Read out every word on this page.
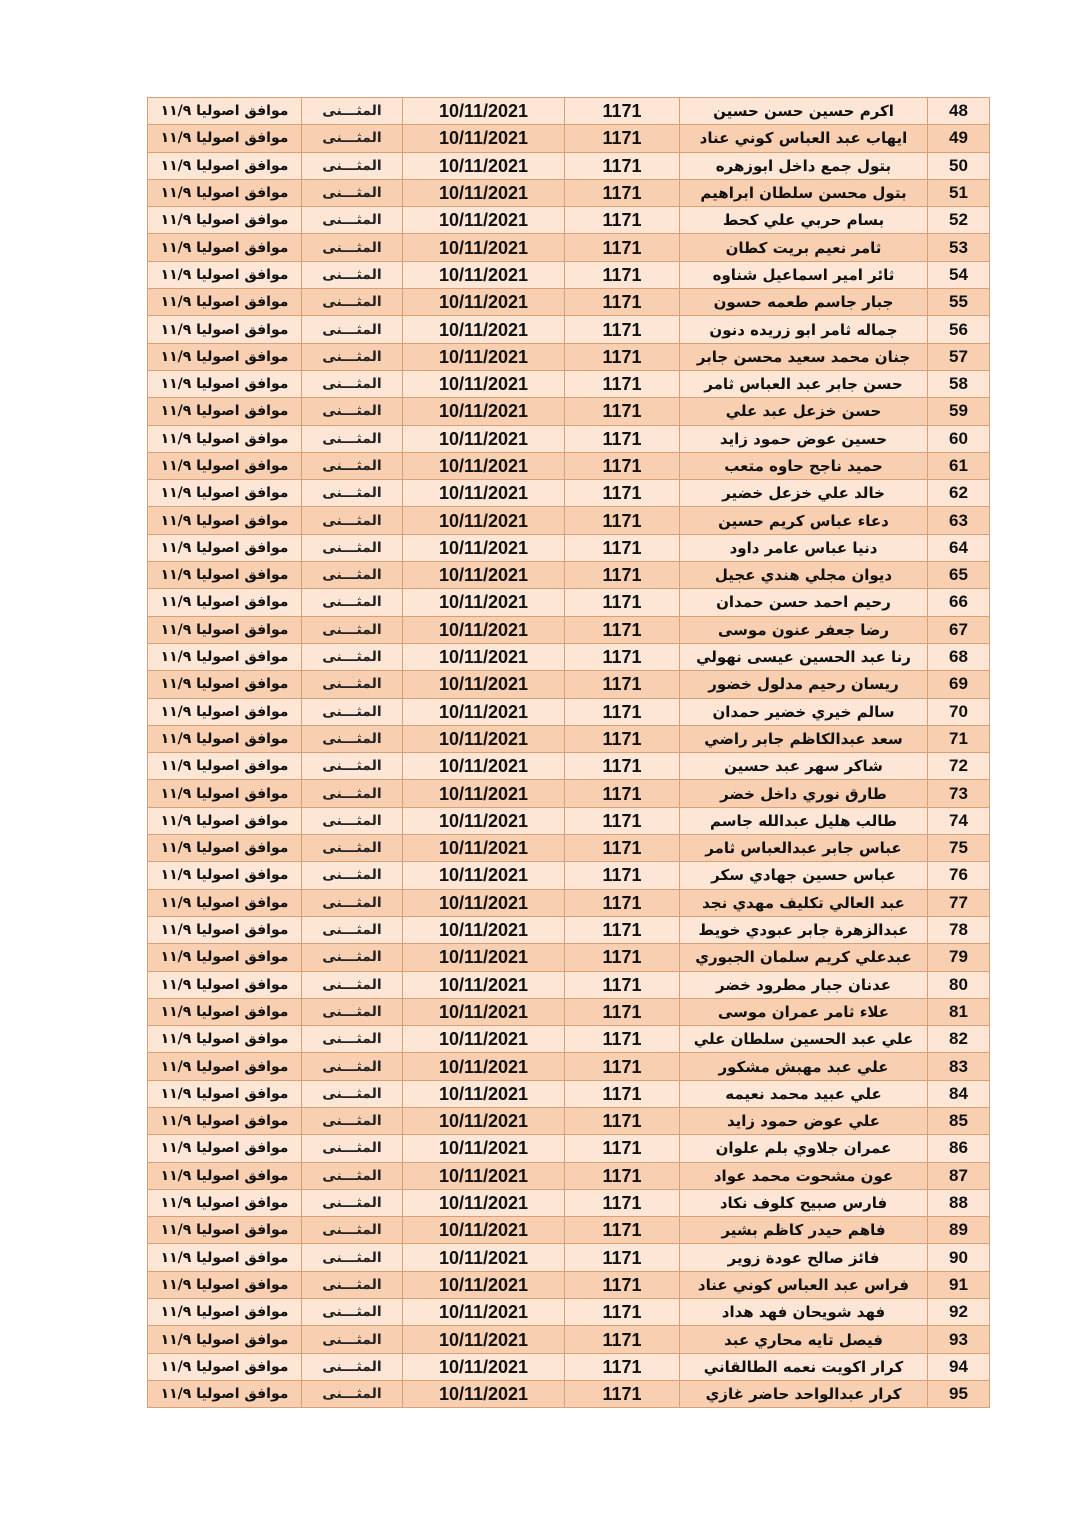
48	اكرم حسين حسن حسين	1171	10/11/2021	المثـــنى	موافق اصوليا ١١/٩
49	ايهاب عبد العباس كوني عناد	1171	10/11/2021	المثـــنى	موافق اصوليا ١١/٩
50	بتول جمع داخل ابوزهره	1171	10/11/2021	المثـــنى	موافق اصوليا ١١/٩
51	بتول محسن سلطان ابراهيم	1171	10/11/2021	المثـــنى	موافق اصوليا ١١/٩
52	بسام حربي علي كحط	1171	10/11/2021	المثـــنى	موافق اصوليا ١١/٩
53	ثامر نعيم بريت كطان	1171	10/11/2021	المثـــنى	موافق اصوليا ١١/٩
54	ثائر امير اسماعيل شناوه	1171	10/11/2021	المثـــنى	موافق اصوليا ١١/٩
55	جبار جاسم طعمه حسون	1171	10/11/2021	المثـــنى	موافق اصوليا ١١/٩
56	جماله ثامر ابو زريده دنون	1171	10/11/2021	المثـــنى	موافق اصوليا ١١/٩
57	جنان محمد سعيد محسن جابر	1171	10/11/2021	المثـــنى	موافق اصوليا ١١/٩
58	حسن جابر عبد العباس ثامر	1171	10/11/2021	المثـــنى	موافق اصوليا ١١/٩
59	حسن خزعل عبد علي	1171	10/11/2021	المثـــنى	موافق اصوليا ١١/٩
60	حسين عوض حمود زايد	1171	10/11/2021	المثـــنى	موافق اصوليا ١١/٩
61	حميد ناجح حاوه متعب	1171	10/11/2021	المثـــنى	موافق اصوليا ١١/٩
62	خالد علي خزعل خضير	1171	10/11/2021	المثـــنى	موافق اصوليا ١١/٩
63	دعاء عباس كريم حسين	1171	10/11/2021	المثـــنى	موافق اصوليا ١١/٩
64	دنيا عباس عامر داود	1171	10/11/2021	المثـــنى	موافق اصوليا ١١/٩
65	ديوان مجلي هندي عجيل	1171	10/11/2021	المثـــنى	موافق اصوليا ١١/٩
66	رحيم احمد حسن حمدان	1171	10/11/2021	المثـــنى	موافق اصوليا ١١/٩
67	رضا جعفر عنون موسى	1171	10/11/2021	المثـــنى	موافق اصوليا ١١/٩
68	رنا عبد الحسين عيسى نهولي	1171	10/11/2021	المثـــنى	موافق اصوليا ١١/٩
69	ريسان رحيم مدلول خضور	1171	10/11/2021	المثـــنى	موافق اصوليا ١١/٩
70	سالم خيري خضير حمدان	1171	10/11/2021	المثـــنى	موافق اصوليا ١١/٩
71	سعد عبدالكاظم جابر راضي	1171	10/11/2021	المثـــنى	موافق اصوليا ١١/٩
72	شاكر سهر عبد حسين	1171	10/11/2021	المثـــنى	موافق اصوليا ١١/٩
73	طارق نوري داخل خضر	1171	10/11/2021	المثـــنى	موافق اصوليا ١١/٩
74	طالب هليل عبدالله جاسم	1171	10/11/2021	المثـــنى	موافق اصوليا ١١/٩
75	عباس جابر عبدالعباس ثامر	1171	10/11/2021	المثـــنى	موافق اصوليا ١١/٩
76	عباس حسين جهادي سكر	1171	10/11/2021	المثـــنى	موافق اصوليا ١١/٩
77	عبد العالي تكليف مهدي نجد	1171	10/11/2021	المثـــنى	موافق اصوليا ١١/٩
78	عبدالزهرة جابر عبودي خويط	1171	10/11/2021	المثـــنى	موافق اصوليا ١١/٩
79	عبدعلي كريم سلمان الجبوري	1171	10/11/2021	المثـــنى	موافق اصوليا ١١/٩
80	عدنان جبار مطرود خضر	1171	10/11/2021	المثـــنى	موافق اصوليا ١١/٩
81	علاء ثامر عمران موسى	1171	10/11/2021	المثـــنى	موافق اصوليا ١١/٩
82	علي عبد الحسين سلطان علي	1171	10/11/2021	المثـــنى	موافق اصوليا ١١/٩
83	علي عبد مهبش مشكور	1171	10/11/2021	المثـــنى	موافق اصوليا ١١/٩
84	علي عبيد محمد نعيمه	1171	10/11/2021	المثـــنى	موافق اصوليا ١١/٩
85	علي عوض حمود زايد	1171	10/11/2021	المثـــنى	موافق اصوليا ١١/٩
86	عمران جلاوي بلم علوان	1171	10/11/2021	المثـــنى	موافق اصوليا ١١/٩
87	عون مشحوت محمد عواد	1171	10/11/2021	المثـــنى	موافق اصوليا ١١/٩
88	فارس صبيح كلوف نكاد	1171	10/11/2021	المثـــنى	موافق اصوليا ١١/٩
89	فاهم حيدر كاظم بشير	1171	10/11/2021	المثـــنى	موافق اصوليا ١١/٩
90	فائز صالح عودة زوير	1171	10/11/2021	المثـــنى	موافق اصوليا ١١/٩
91	فراس عبد العباس كوني عناد	1171	10/11/2021	المثـــنى	موافق اصوليا ١١/٩
92	فهد شويحان فهد هداد	1171	10/11/2021	المثـــنى	موافق اصوليا ١١/٩
93	فيصل تايه محاري عبد	1171	10/11/2021	المثـــنى	موافق اصوليا ١١/٩
94	كرار اكويت نعمه الطالقاني	1171	10/11/2021	المثـــنى	موافق اصوليا ١١/٩
95	كرار عبدالواحد حاضر غازي	1171	10/11/2021	المثـــنى	موافق اصوليا ١١/٩
